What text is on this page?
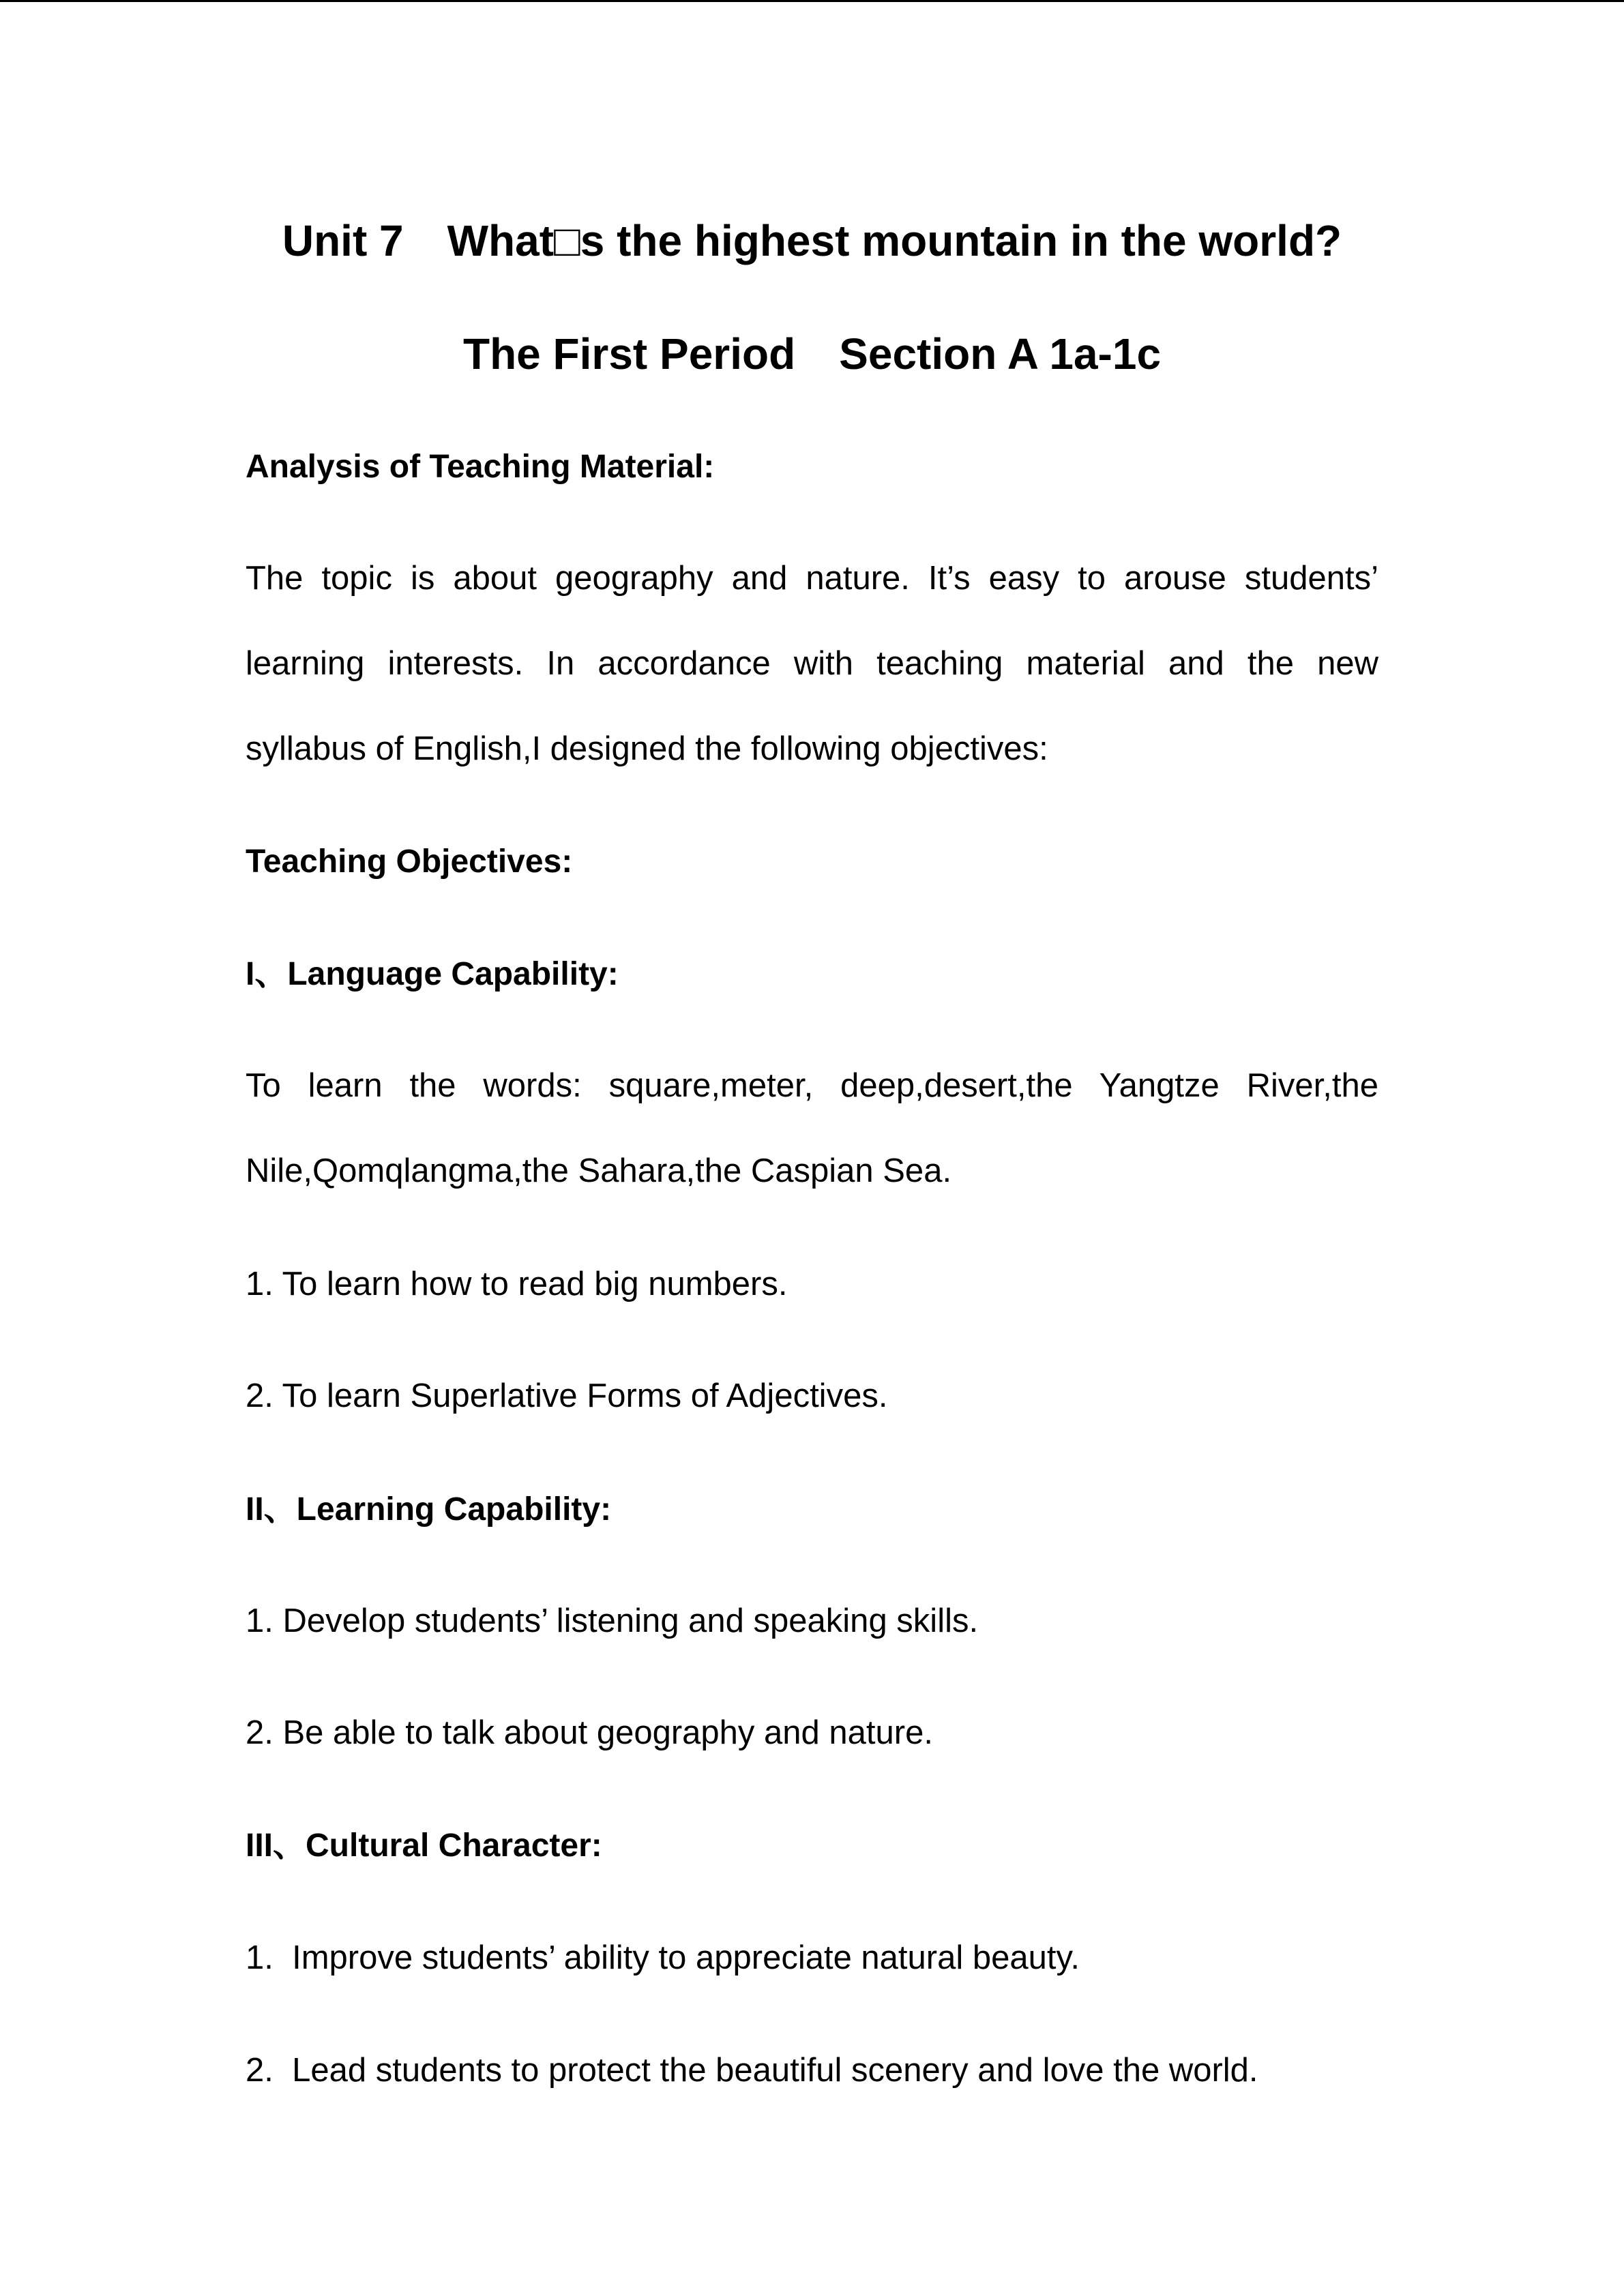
Unit 7 What□s the highest mountain in the world?
The First Period Section A 1a-1c
Analysis of Teaching Material:
The topic is about geography and nature. It’s easy to arouse students’ learning interests. In accordance with teaching material and the new syllabus of English,I designed the following objectives:
Teaching Objectives:
I、Language Capability:
To learn the words: square,meter, deep,desert,the Yangtze River,the Nile,Qomqlangma,the Sahara,the Caspian Sea.
1. To learn how to read big numbers.
2. To learn Superlative Forms of Adjectives.
II、Learning Capability:
1. Develop students’ listening and speaking skills.
2. Be able to talk about geography and nature.
III、Cultural Character:
1.  Improve students’ ability to appreciate natural beauty.
2.  Lead students to protect the beautiful scenery and love the world.
